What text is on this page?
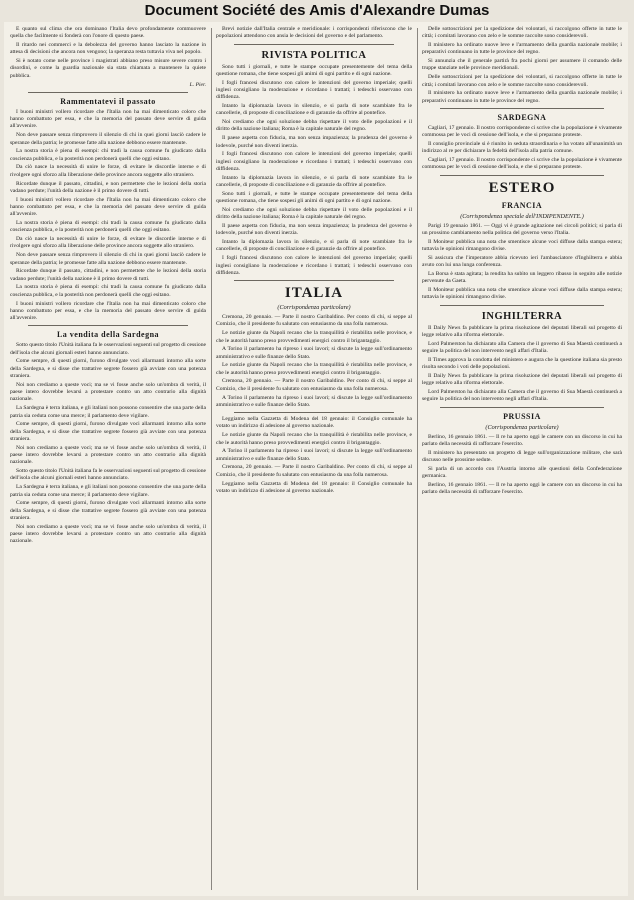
Document Société des Amis d'Alexandre Dumas

E quanto sul clima che ora dominano l'Italia devo profondamente commuovere quella che facilmente si fonderà con l'onore di questo paese.

Il ritardo nei commerci e la debolezza del governo hanno lasciato la nazione in attesa di decisioni che ancora non vengono; la speranza resta tuttavia viva nel popolo.

Si è notato come nelle province i magistrati abbiano preso misure severe contro i disordini, e come la guardia nazionale sia stata chiamata a mantenere la quiete pubblica.

L. Pier.
Rammentatevi il passato

I buoni ministri vollero ricordare che l'Italia non ha mai dimenticato coloro che hanno combattuto per essa, e che la memoria del passato deve servire di guida all'avvenire.

Non deve passare senza rimprovero il silenzio di chi in quei giorni lasciò cadere le speranze della patria; le promesse fatte alla nazione debbono essere mantenute.

La nostra storia è piena di esempi: chi tradì la causa comune fu giudicato dalla coscienza pubblica, e la posterità non perdonerà quelli che oggi esitano.

Da ciò nasce la necessità di unire le forze, di evitare le discordie interne e di rivolgere ogni sforzo alla liberazione delle province ancora soggette allo straniero.

Ricordate dunque il passato, cittadini, e non permettete che le lezioni della storia vadano perdute; l'unità della nazione è il primo dovere di tutti.

I buoni ministri vollero ricordare che l'Italia non ha mai dimenticato coloro che hanno combattuto per essa, e che la memoria del passato deve servire di guida all'avvenire.

La nostra storia è piena di esempi: chi tradì la causa comune fu giudicato dalla coscienza pubblica, e la posterità non perdonerà quelli che oggi esitano.

Da ciò nasce la necessità di unire le forze, di evitare le discordie interne e di rivolgere ogni sforzo alla liberazione delle province ancora soggette allo straniero.

Non deve passare senza rimprovero il silenzio di chi in quei giorni lasciò cadere le speranze della patria; le promesse fatte alla nazione debbono essere mantenute.

Ricordate dunque il passato, cittadini, e non permettete che le lezioni della storia vadano perdute; l'unità della nazione è il primo dovere di tutti.

La nostra storia è piena di esempi: chi tradì la causa comune fu giudicato dalla coscienza pubblica, e la posterità non perdonerà quelli che oggi esitano.

I buoni ministri vollero ricordare che l'Italia non ha mai dimenticato coloro che hanno combattuto per essa, e che la memoria del passato deve servire di guida all'avvenire.

La vendita della Sardegna

Sotto questo titolo l'Unità italiana fa le osservazioni seguenti sul progetto di cessione dell'isola che alcuni giornali esteri hanno annunciato.

Come sempre, di questi giorni, furono divulgate voci allarmanti intorno alla sorte della Sardegna, e si disse che trattative segrete fossero già avviate con una potenza straniera.

Noi non crediamo a queste voci; ma se vi fosse anche solo un'ombra di verità, il paese intero dovrebbe levarsi a protestare contro un atto contrario alla dignità nazionale.

La Sardegna è terra italiana, e gli italiani non possono consentire che una parte della patria sia ceduta come una merce; il parlamento deve vigilare.

Come sempre, di questi giorni, furono divulgate voci allarmanti intorno alla sorte della Sardegna, e si disse che trattative segrete fossero già avviate con una potenza straniera.

Noi non crediamo a queste voci; ma se vi fosse anche solo un'ombra di verità, il paese intero dovrebbe levarsi a protestare contro un atto contrario alla dignità nazionale.

Sotto questo titolo l'Unità italiana fa le osservazioni seguenti sul progetto di cessione dell'isola che alcuni giornali esteri hanno annunciato.

La Sardegna è terra italiana, e gli italiani non possono consentire che una parte della patria sia ceduta come una merce; il parlamento deve vigilare.

Come sempre, di questi giorni, furono divulgate voci allarmanti intorno alla sorte della Sardegna, e si disse che trattative segrete fossero già avviate con una potenza straniera.

Noi non crediamo a queste voci; ma se vi fosse anche solo un'ombra di verità, il paese intero dovrebbe levarsi a protestare contro un atto contrario alla dignità nazionale.

Brevi notizie dall'Italia centrale e meridionale: i corrispondenti riferiscono che le popolazioni attendono con ansia le decisioni del governo e del parlamento.

RIVISTA POLITICA

Sono tutti i giornali, e tutte le stampe occupate presentemente del tema della questione romana, che tiene sospesi gli animi di ogni partito e di ogni nazione.

I fogli francesi discutono con calore le intenzioni del governo imperiale; quelli inglesi consigliano la moderazione e ricordano i trattati; i tedeschi osservano con diffidenza.

Intanto la diplomazia lavora in silenzio, e si parla di note scambiate fra le cancellerie, di proposte di conciliazione e di garanzie da offrire al pontefice.

Noi crediamo che ogni soluzione debba rispettare il voto delle popolazioni e il diritto della nazione italiana; Roma è la capitale naturale del regno.

Il paese aspetta con fiducia, ma non senza impazienza; la prudenza del governo è lodevole, purché non diventi inerzia.

I fogli francesi discutono con calore le intenzioni del governo imperiale; quelli inglesi consigliano la moderazione e ricordano i trattati; i tedeschi osservano con diffidenza.

Intanto la diplomazia lavora in silenzio, e si parla di note scambiate fra le cancellerie, di proposte di conciliazione e di garanzie da offrire al pontefice.

Sono tutti i giornali, e tutte le stampe occupate presentemente del tema della questione romana, che tiene sospesi gli animi di ogni partito e di ogni nazione.

Noi crediamo che ogni soluzione debba rispettare il voto delle popolazioni e il diritto della nazione italiana; Roma è la capitale naturale del regno.

Il paese aspetta con fiducia, ma non senza impazienza; la prudenza del governo è lodevole, purché non diventi inerzia.

Intanto la diplomazia lavora in silenzio, e si parla di note scambiate fra le cancellerie, di proposte di conciliazione e di garanzie da offrire al pontefice.

I fogli francesi discutono con calore le intenzioni del governo imperiale; quelli inglesi consigliano la moderazione e ricordano i trattati; i tedeschi osservano con diffidenza.

ITALIA
(Corrispondenza particolare)

Cremona, 20 gennaio. — Parte il nostro Garibaldino. Per conto di chi, si seppe al Comizio, che il presidente fu salutato con entusiasmo da una folla numerosa.

Le notizie giunte da Napoli recano che la tranquillità è ristabilita nelle province, e che le autorità hanno preso provvedimenti energici contro il brigantaggio.

A Torino il parlamento ha ripreso i suoi lavori; si discute la legge sull'ordinamento amministrativo e sulle finanze dello Stato.

Le notizie giunte da Napoli recano che la tranquillità è ristabilita nelle province, e che le autorità hanno preso provvedimenti energici contro il brigantaggio.

Cremona, 20 gennaio. — Parte il nostro Garibaldino. Per conto di chi, si seppe al Comizio, che il presidente fu salutato con entusiasmo da una folla numerosa.

A Torino il parlamento ha ripreso i suoi lavori; si discute la legge sull'ordinamento amministrativo e sulle finanze dello Stato.

Leggiamo nella Gazzetta di Modena del 18 gennaio: il Consiglio comunale ha votato un indirizzo di adesione al governo nazionale.

Le notizie giunte da Napoli recano che la tranquillità è ristabilita nelle province, e che le autorità hanno preso provvedimenti energici contro il brigantaggio.

A Torino il parlamento ha ripreso i suoi lavori; si discute la legge sull'ordinamento amministrativo e sulle finanze dello Stato.

Cremona, 20 gennaio. — Parte il nostro Garibaldino. Per conto di chi, si seppe al Comizio, che il presidente fu salutato con entusiasmo da una folla numerosa.

Leggiamo nella Gazzetta di Modena del 18 gennaio: il Consiglio comunale ha votato un indirizzo di adesione al governo nazionale.

Delle sottoscrizioni per la spedizione dei volontari, si raccolgono offerte in tutte le città; i comitati lavorano con zelo e le somme raccolte sono considerevoli.

Il ministero ha ordinato nuove leve e l'armamento della guardia nazionale mobile; i preparativi continuano in tutte le province del regno.

Si annunzia che il generale partirà fra pochi giorni per assumere il comando delle truppe stanziate nelle province meridionali.

Delle sottoscrizioni per la spedizione dei volontari, si raccolgono offerte in tutte le città; i comitati lavorano con zelo e le somme raccolte sono considerevoli.

Il ministero ha ordinato nuove leve e l'armamento della guardia nazionale mobile; i preparativi continuano in tutte le province del regno.

SARDEGNA

Cagliari, 17 gennaio. Il nostro corrispondente ci scrive che la popolazione è vivamente commossa per le voci di cessione dell'isola, e che si preparano proteste.

Il consiglio provinciale si è riunito in seduta straordinaria e ha votato all'unanimità un indirizzo al re per dichiarare la fedeltà dell'isola alla patria comune.

Cagliari, 17 gennaio. Il nostro corrispondente ci scrive che la popolazione è vivamente commossa per le voci di cessione dell'isola, e che si preparano proteste.

ESTERO
FRANCIA
(Corrispondenza speciale dell'INDIPENDENTE.)

Parigi 19 gennaio 1861. — Oggi vi è grande agitazione nei circoli politici; si parla di un prossimo cambiamento nella politica del governo verso l'Italia.

Il Moniteur pubblica una nota che smentisce alcune voci diffuse dalla stampa estera; tuttavia le opinioni rimangono divise.

Si assicura che l'imperatore abbia ricevuto ieri l'ambasciatore d'Inghilterra e abbia avuto con lui una lunga conferenza.

La Borsa è stata agitata; la rendita ha subìto un leggero ribasso in seguito alle notizie pervenute da Gaeta.

Il Moniteur pubblica una nota che smentisce alcune voci diffuse dalla stampa estera; tuttavia le opinioni rimangono divise.

INGHILTERRA

Il Daily News fa pubblicare la prima risoluzione del deputati liberali sul progetto di legge relativo alla riforma elettorale.

Lord Palmerston ha dichiarato alla Camera che il governo di Sua Maestà continuerà a seguire la politica del non intervento negli affari d'Italia.

Il Times approva la condotta del ministero e augura che la questione italiana sia presto risolta secondo i voti delle popolazioni.

Il Daily News fa pubblicare la prima risoluzione del deputati liberali sul progetto di legge relativo alla riforma elettorale.

Lord Palmerston ha dichiarato alla Camera che il governo di Sua Maestà continuerà a seguire la politica del non intervento negli affari d'Italia.

PRUSSIA
(Corrispondenza particolare)

Berlino, 16 gennaio 1861. — Il re ha aperto oggi le camere con un discorso in cui ha parlato della necessità di rafforzare l'esercito.

Il ministero ha presentato un progetto di legge sull'organizzazione militare, che sarà discusso nelle prossime sedute.

Si parla di un accordo con l'Austria intorno alle questioni della Confederazione germanica.

Berlino, 16 gennaio 1861. — Il re ha aperto oggi le camere con un discorso in cui ha parlato della necessità di rafforzare l'esercito.
